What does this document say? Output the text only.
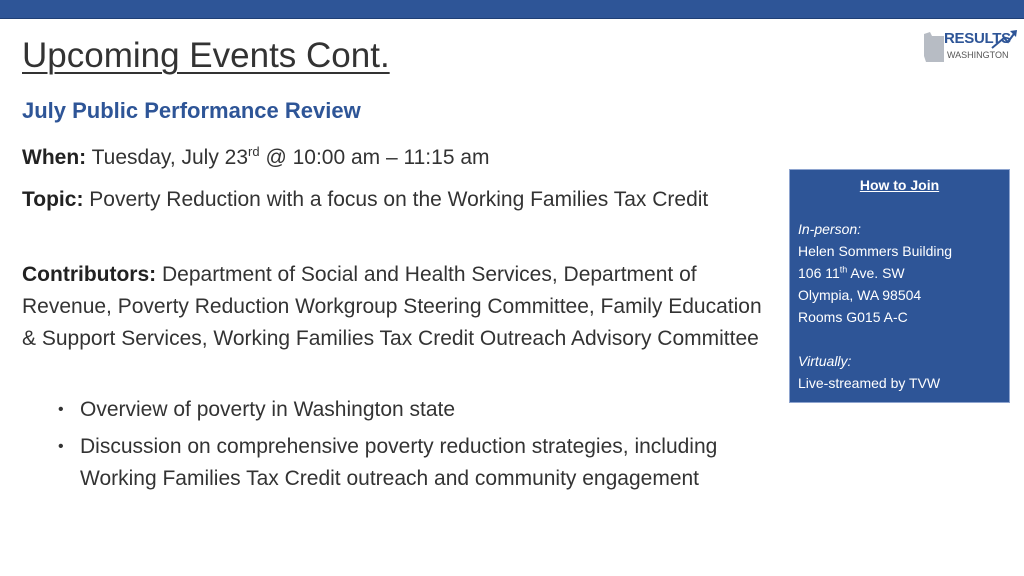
Upcoming Events Cont.	RESULTS
WASHINGTON
July Public Performance Review
When: Tuesday, July 23rd @ 10:00 am – 11:15 am
Topic: Poverty Reduction with a focus on the Working Families Tax Credit
Contributors: Department of Social and Health Services, Department of Revenue, Poverty Reduction Workgroup Steering Committee, Family Education & Support Services, Working Families Tax Credit Outreach Advisory Committee
• Overview of poverty in Washington state
• Discussion on comprehensive poverty reduction strategies, including Working Families Tax Credit outreach and community engagement
How to Join
In-person:
Helen Sommers Building
106 11th Ave. SW
Olympia, WA 98504
Rooms G015 A-C
Virtually:
Live-streamed by TVW
